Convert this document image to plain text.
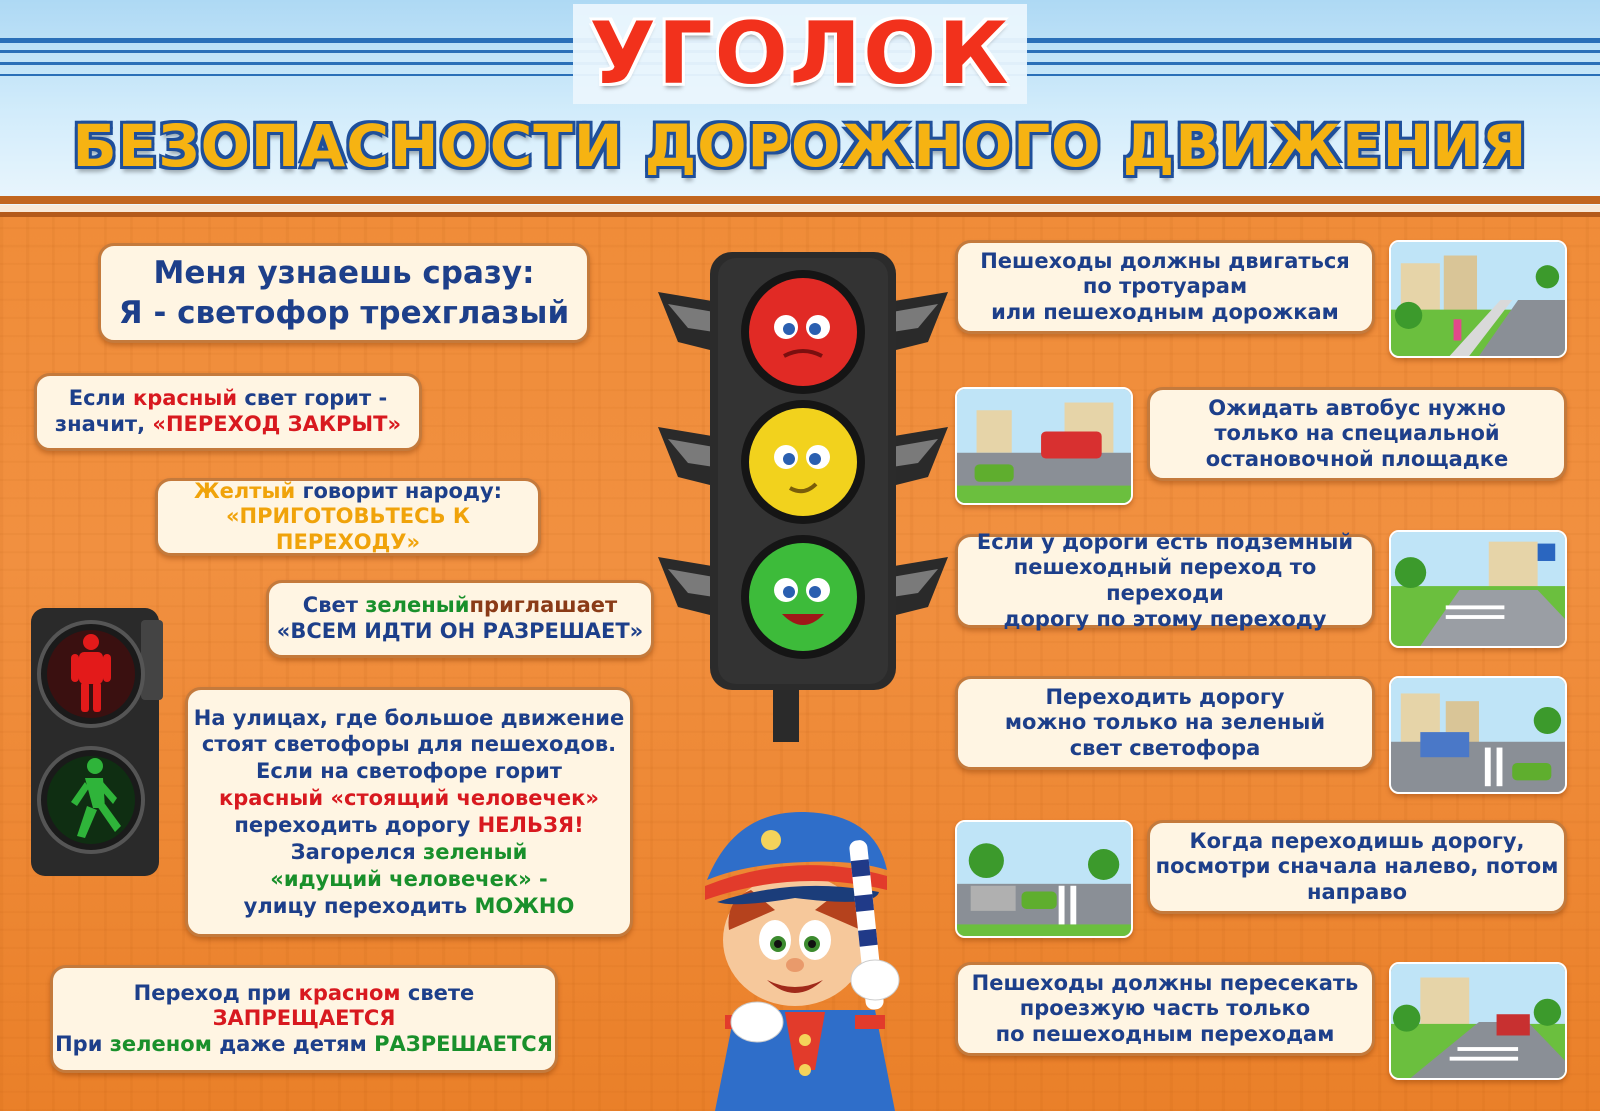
УГОЛОК
БЕЗОПАСНОСТИ ДОРОЖНОГО ДВИЖЕНИЯ
Меня узнаешь сразу:
Я - светофор трехглазый
Если красный свет горит -
значит, «ПЕРЕХОД ЗАКРЫТ»
Желтый говорит народу:
«ПРИГОТОВЬТЕСЬ К ПЕРЕХОДУ»
Свет зеленыйприглашает
«ВСЕМ ИДТИ ОН РАЗРЕШАЕТ»
На улицах, где большое движение
стоят светофоры для пешеходов.
Если на светофоре горит
красный «стоящий человечек»
переходить дорогу НЕЛЬЗЯ!
Загорелся зеленый
«идущий человечек» -
улицу переходить МОЖНО
Переход при красном свете
ЗАПРЕЩАЕТСЯ
При зеленом даже детям РАЗРЕШАЕТСЯ
Пешеходы должны двигаться
по тротуарам
или пешеходным дорожкам
Ожидать автобус нужно
только на специальной
остановочной площадке
Если у дороги есть подземный
пешеходный переход то переходи
дорогу по этому переходу
Переходить дорогу
можно только на зеленый
свет светофора
Когда переходишь дорогу,
посмотри сначала налево, потом
направо
Пешеходы должны пересекать
проезжую часть только
по пешеходным переходам
